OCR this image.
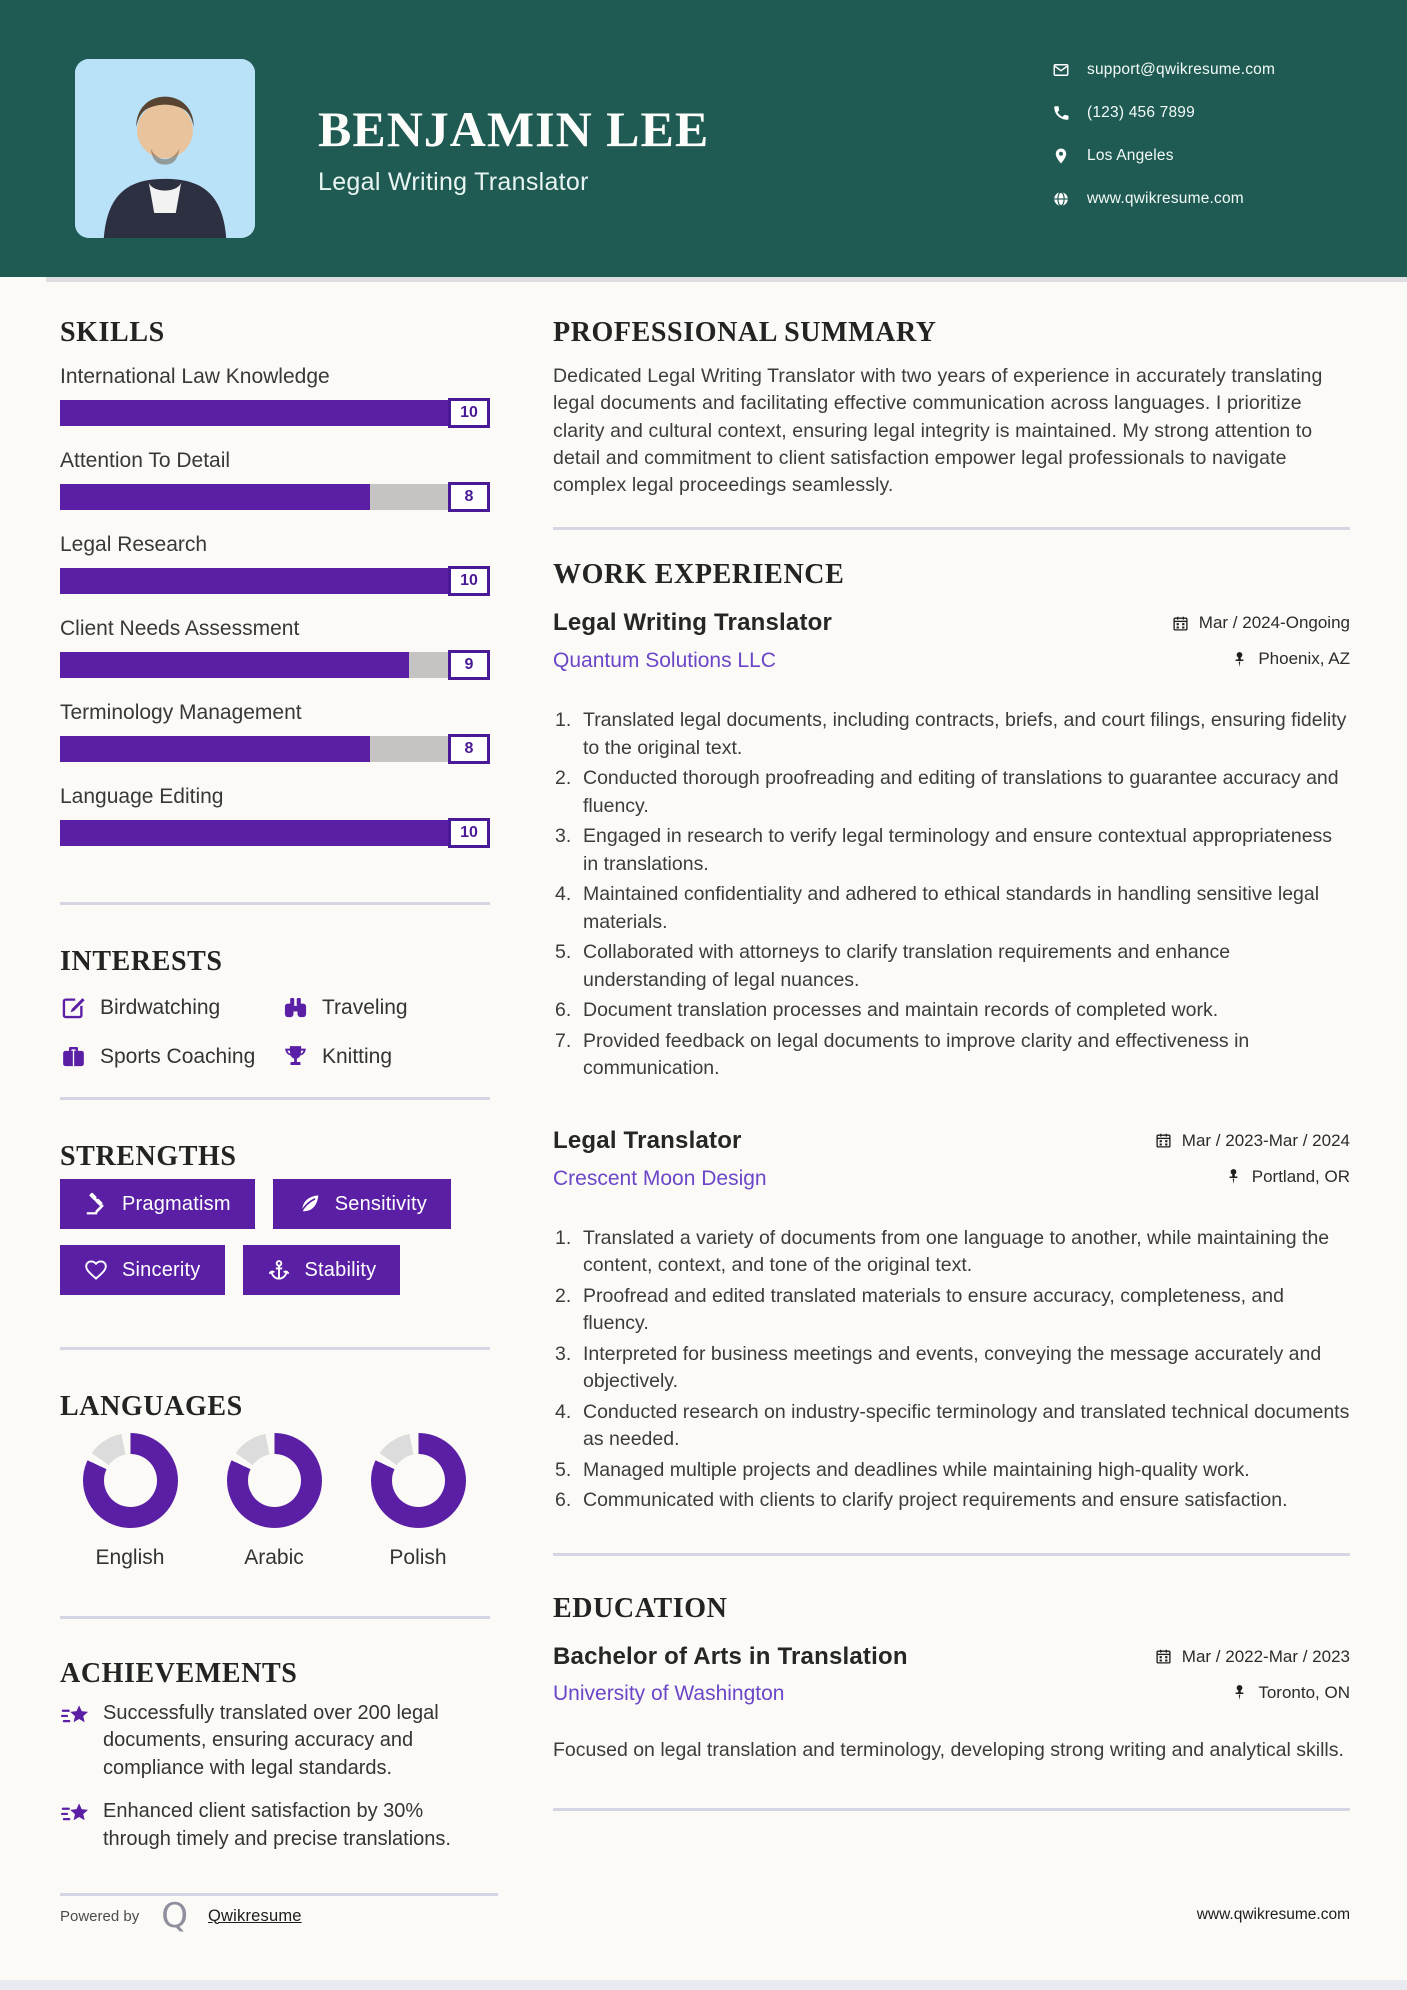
BENJAMIN LEE
Legal Writing Translator
support@qwikresume.com
(123) 456 7899
Los Angeles
www.qwikresume.com
SKILLS
International Law Knowledge
10
Attention To Detail
8
Legal Research
10
Client Needs Assessment
9
Terminology Management
8
Language Editing
10
INTERESTS
Birdwatching	Traveling
Sports Coaching	Knitting
STRENGTHS
Pragmatism	Sensitivity
Sincerity	Stability
LANGUAGES
English	Arabic	Polish
ACHIEVEMENTS
Successfully translated over 200 legal documents, ensuring accuracy and compliance with legal standards.
Enhanced client satisfaction by 30% through timely and precise translations.
PROFESSIONAL SUMMARY

Dedicated Legal Writing Translator with two years of experience in accurately translating legal documents and facilitating effective communication across languages. I prioritize clarity and cultural context, ensuring legal integrity is maintained. My strong attention to detail and commitment to client satisfaction empower legal professionals to navigate complex legal proceedings seamlessly.

WORK EXPERIENCE
Legal Writing Translator
Quantum Solutions LLC
Mar / 2024-Ongoing
Phoenix, AZ
Translated legal documents, including contracts, briefs, and court filings, ensuring fidelity to the original text.
Conducted thorough proofreading and editing of translations to guarantee accuracy and fluency.
Engaged in research to verify legal terminology and ensure contextual appropriateness in translations.
Maintained confidentiality and adhered to ethical standards in handling sensitive legal materials.
Collaborated with attorneys to clarify translation requirements and enhance understanding of legal nuances.
Document translation processes and maintain records of completed work.
Provided feedback on legal documents to improve clarity and effectiveness in communication.
Legal Translator
Crescent Moon Design
Mar / 2023-Mar / 2024
Portland, OR
Translated a variety of documents from one language to another, while maintaining the content, context, and tone of the original text.
Proofread and edited translated materials to ensure accuracy, completeness, and fluency.
Interpreted for business meetings and events, conveying the message accurately and objectively.
Conducted research on industry-specific terminology and translated technical documents as needed.
Managed multiple projects and deadlines while maintaining high-quality work.
Communicated with clients to clarify project requirements and ensure satisfaction.
EDUCATION
Bachelor of Arts in Translation
University of Washington
Mar / 2022-Mar / 2023
Toronto, ON

Focused on legal translation and terminology, developing strong writing and analytical skills.

Powered by Q Qwikresume	www.qwikresume.com
